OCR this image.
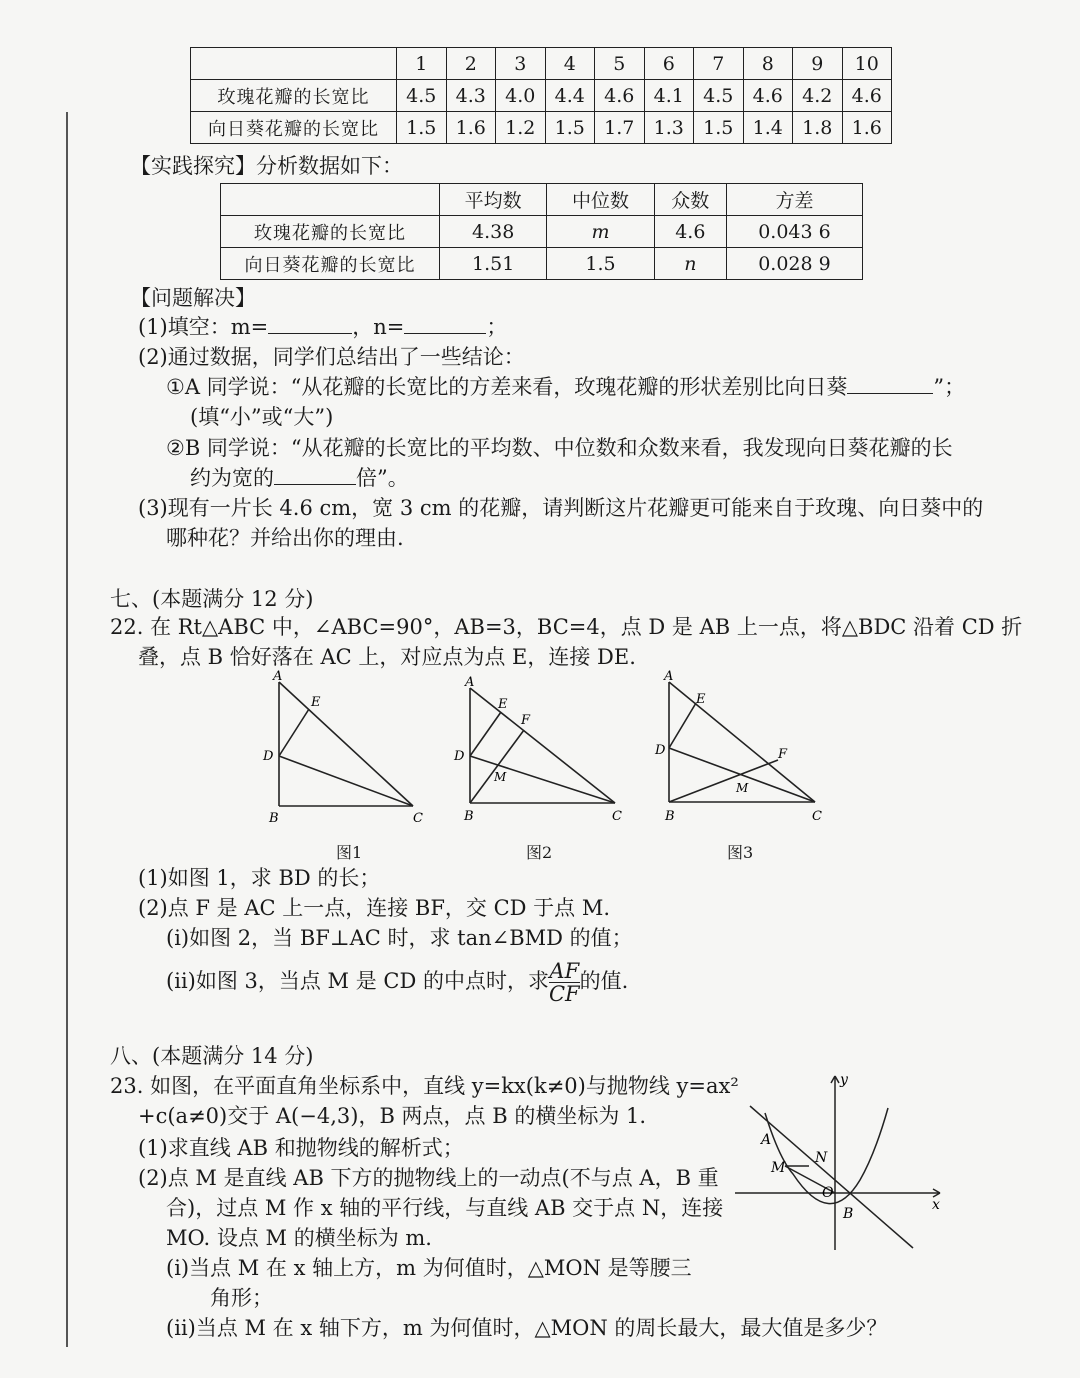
	1	2	3	4	5	6	7	8	9	10
玫瑰花瓣的长宽比	4.5	4.3	4.0	4.4	4.6	4.1	4.5	4.6	4.2	4.6
向日葵花瓣的长宽比	1.5	1.6	1.2	1.5	1.7	1.3	1.5	1.4	1.8	1.6
【实践探究】分析数据如下：
	平均数	中位数	众数	方差
玫瑰花瓣的长宽比	4.38	m	4.6	0.043 6
向日葵花瓣的长宽比	1.51	1.5	n	0.028 9
【问题解决】
(1)填空：m=	，n=	；
(2)通过数据，同学们总结出了一些结论：
①A 同学说：“从花瓣的长宽比的方差来看，玫瑰花瓣的形状差别比向日葵	”；
(填“小”或“大”)
②B 同学说：“从花瓣的长宽比的平均数、中位数和众数来看，我发现向日葵花瓣的长
约为宽的	倍”。
(3)现有一片长 4.6 cm，宽 3 cm 的花瓣，请判断这片花瓣更可能来自于玫瑰、向日葵中的
哪种花？并给出你的理由.
七、(本题满分 12 分)
22. 在 Rt△ABC 中，∠ABC=90°，AB=3，BC=4，点 D 是 AB 上一点，将△BDC 沿着 CD 折
叠，点 B 恰好落在 AC 上，对应点为点 E，连接 DE.
A
E
D
B	C
图1
A
E
F
D
M
B	C
图2
A
E
F
D
M
B	C
图3
(1)如图 1，求 BD 的长；
(2)点 F 是 AC 上一点，连接 BF，交 CD 于点 M.
(ⅰ)如图 2，当 BF⊥AC 时，求 tan∠BMD 的值；
(ⅱ)如图 3，当点 M 是 CD 的中点时，求 $\frac{AF}{CF}$ 的值.
八、(本题满分 14 分)
23. 如图，在平面直角坐标系中，直线 y=kx(k≠0)与抛物线 y=ax²
+c(a≠0)交于 A(−4,3)，B 两点，点 B 的横坐标为 1.
(1)求直线 AB 和抛物线的解析式；
(2)点 M 是直线 AB 下方的抛物线上的一动点(不与点 A，B 重
合)，过点 M 作 x 轴的平行线，与直线 AB 交于点 N，连接
MO. 设点 M 的横坐标为 m.
(ⅰ)当点 M 在 x 轴上方，m 为何值时，△MON 是等腰三
角形；
(ⅱ)当点 M 在 x 轴下方，m 为何值时，△MON 的周长最大，最大值是多少？
y
x
A
N
M
O
B
